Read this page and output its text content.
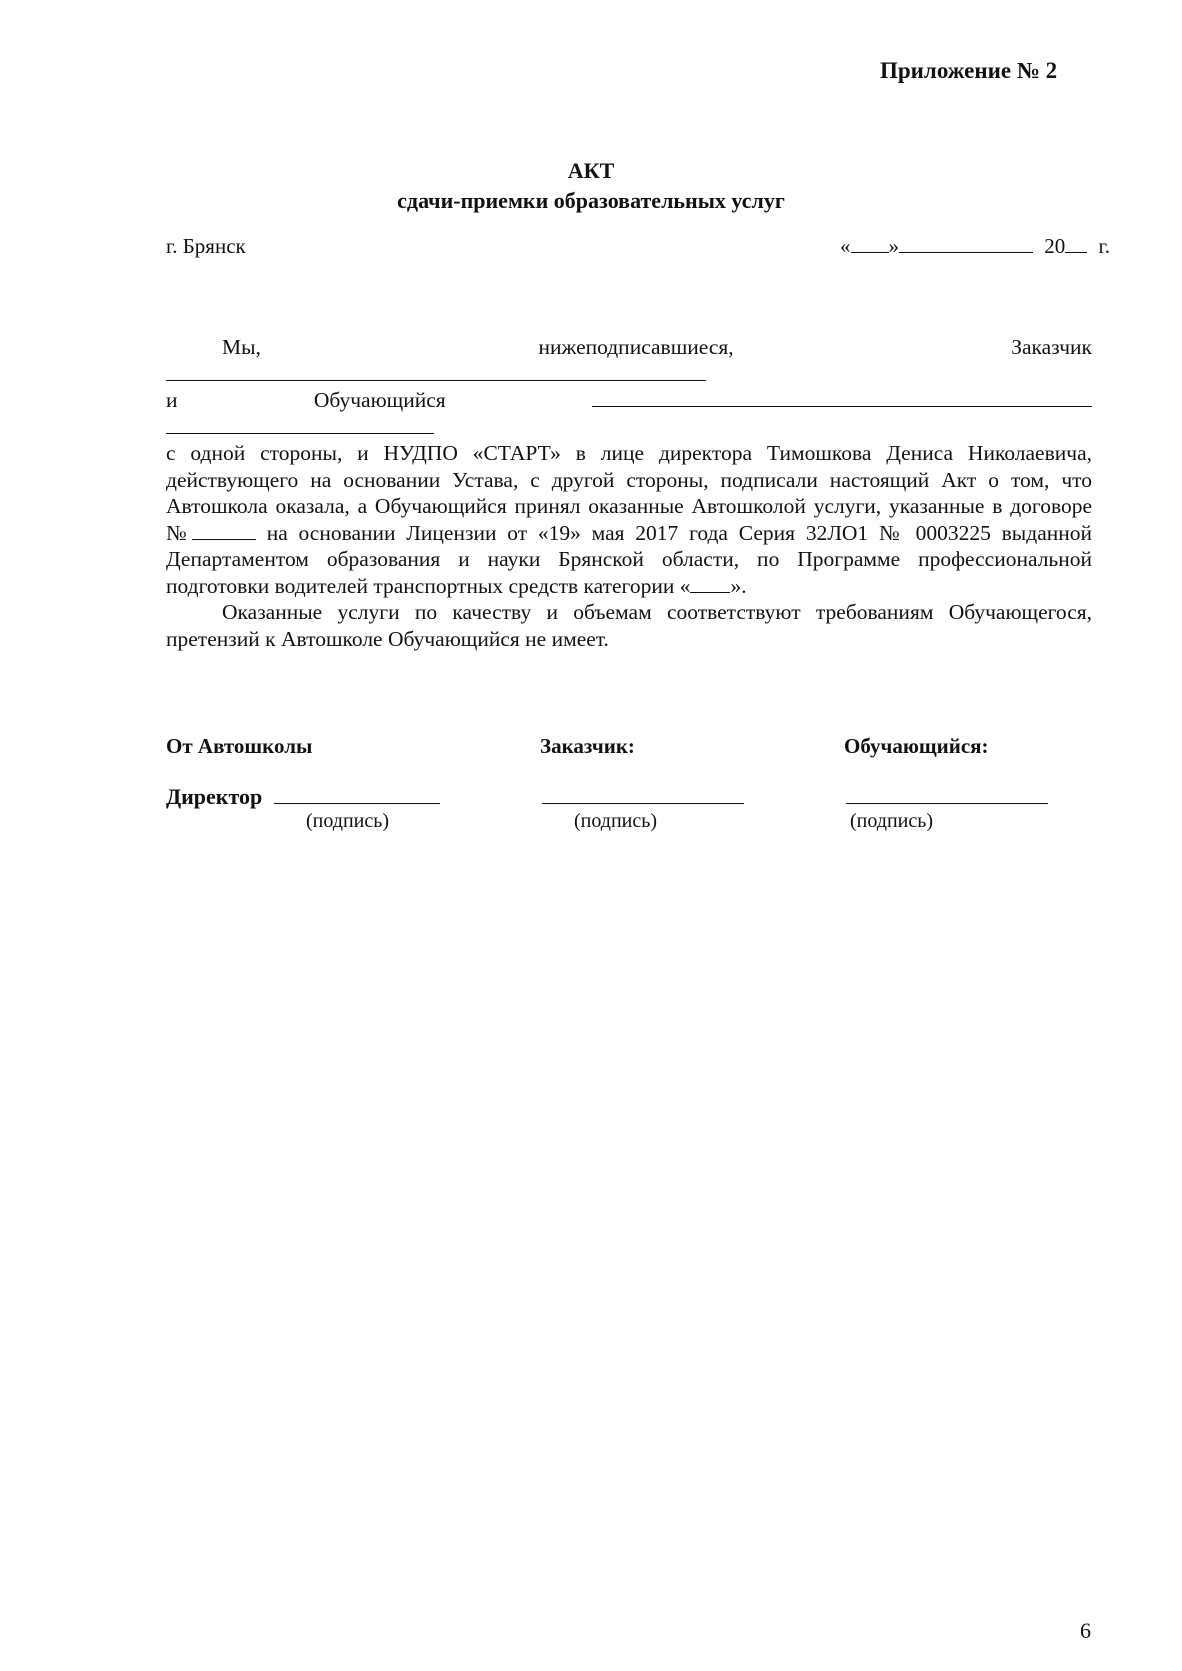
Приложение № 2
АКТ
сдачи-приемки образовательных услуг
г. Брянск	« »	20 г.

Мы, нижеподписавшиеся, Заказчик

и Обучающийся

с одной стороны, и НУДПО «СТАРТ» в лице директора Тимошкова Дениса Николаевича, действующего на основании Устава, с другой стороны, подписали настоящий Акт о том, что Автошкола оказала, а Обучающийся принял оказанные Автошколой услуги, указанные в договоре №	на основании Лицензии от «19» мая 2017 года Серия 32ЛО1 № 0003225 выданной Департаментом образования и науки Брянской области, по Программе профессиональной подготовки водителей транспортных средств категории « ».

Оказанные услуги по качеству и объемам соответствуют требованиям Обучающегося, претензий к Автошколе Обучающийся не имеет.

От Автошколы	Заказчик:	Обучающийся:
Директор
(подпись)	(подпись)	(подпись)
6
